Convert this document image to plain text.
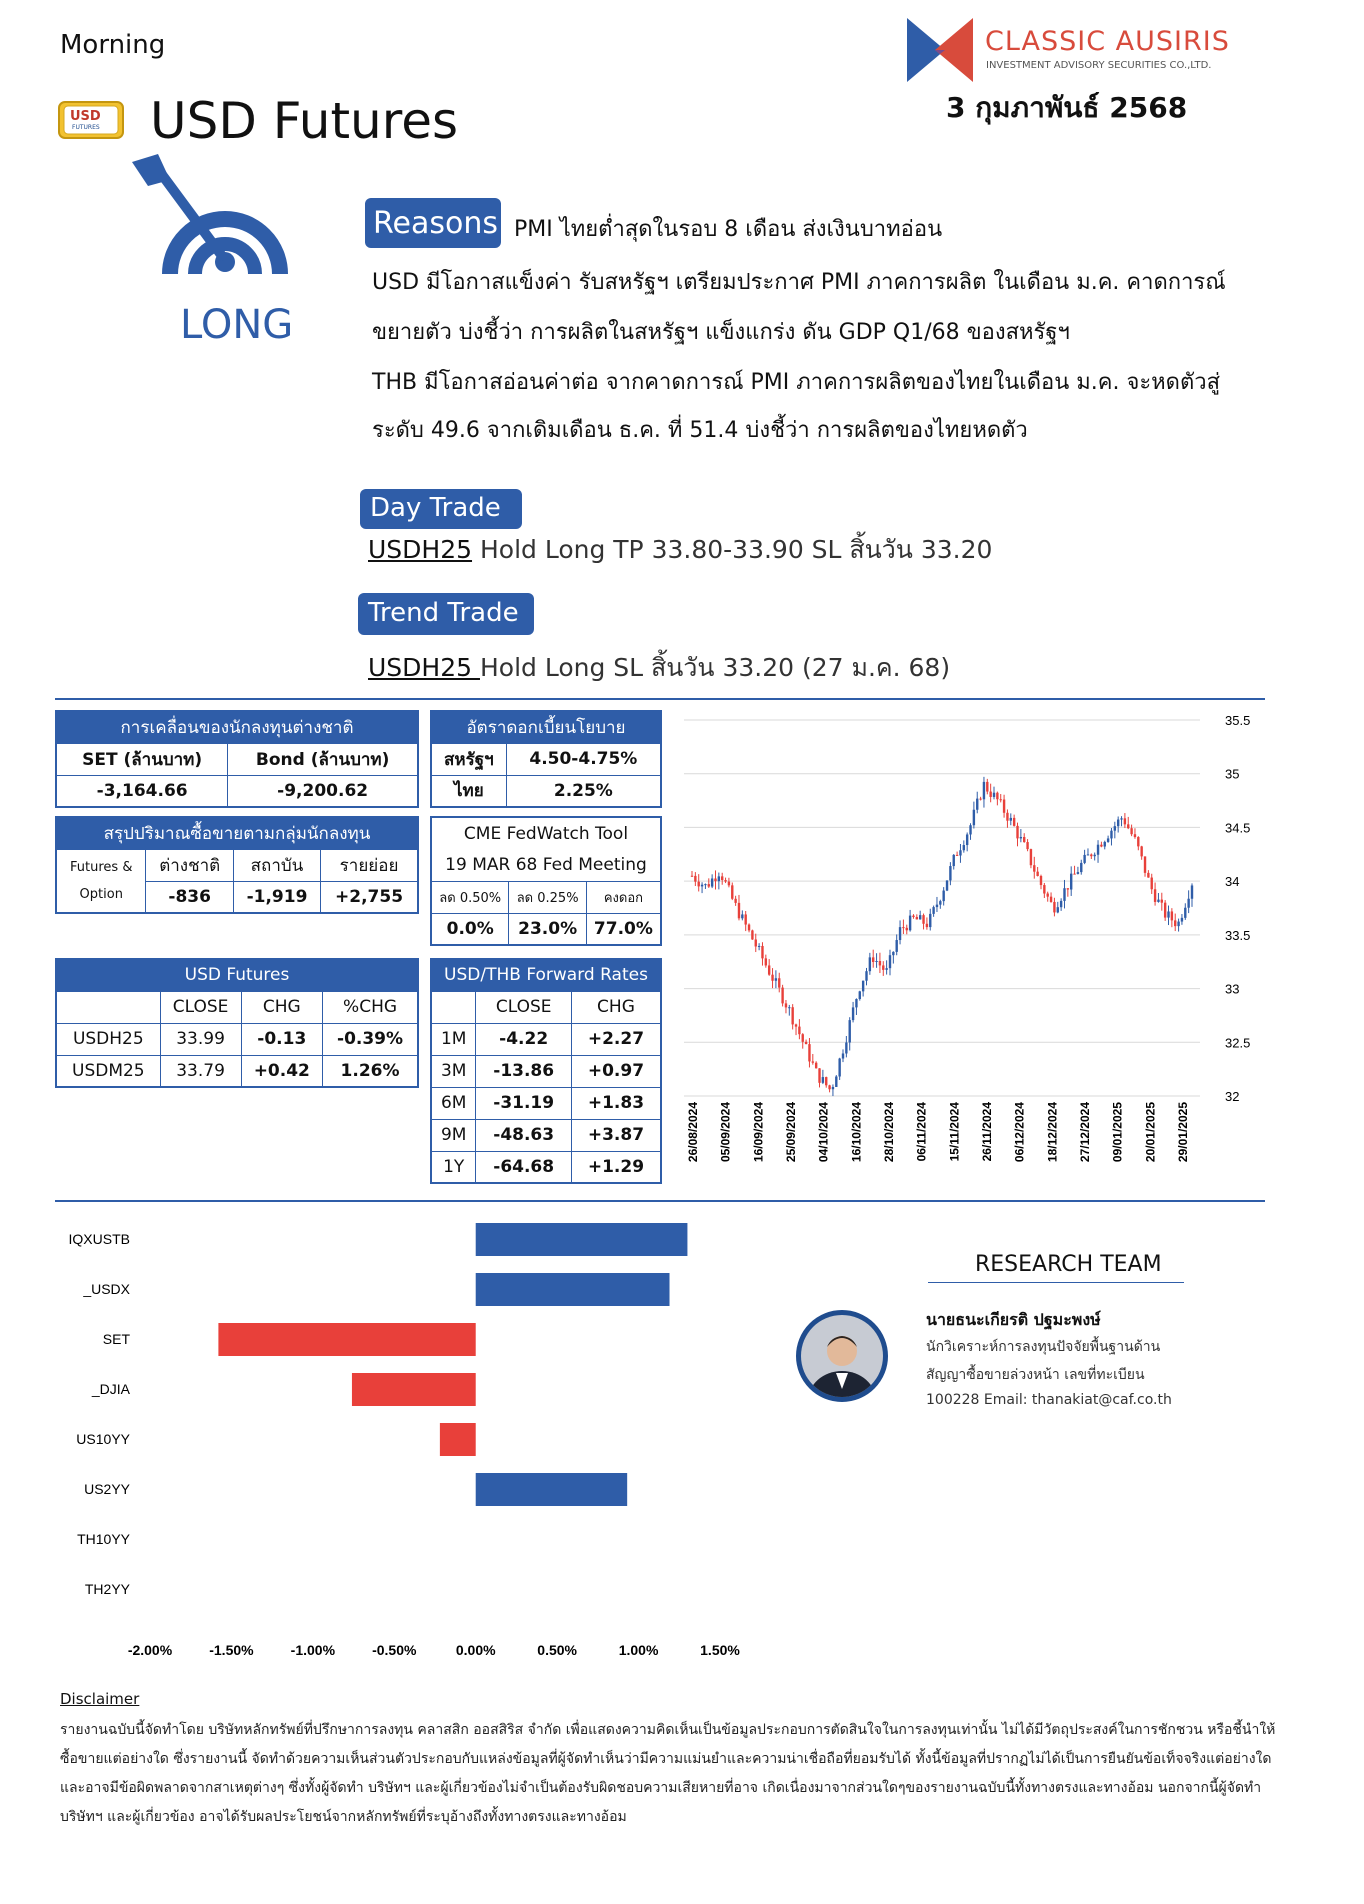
Morning
USD
FUTURES USD Futures
CLASSIC AUSIRIS
INVESTMENT ADVISORY SECURITIES CO.,LTD.
3 กุมภาพันธ์ 2568
LONG
Reasons PMI ไทยต่ำสุดในรอบ 8 เดือน ส่งเงินบาทอ่อน
USD มีโอกาสแข็งค่า รับสหรัฐฯ เตรียมประกาศ PMI ภาคการผลิต ในเดือน ม.ค. คาดการณ์
ขยายตัว บ่งชี้ว่า การผลิตในสหรัฐฯ แข็งแกร่ง ดัน GDP Q1/68 ของสหรัฐฯ
THB มีโอกาสอ่อนค่าต่อ จากคาดการณ์ PMI ภาคการผลิตของไทยในเดือน ม.ค. จะหดตัวสู่
ระดับ 49.6 จากเดิมเดือน ธ.ค. ที่ 51.4 บ่งชี้ว่า การผลิตของไทยหดตัว
Day Trade
USDH25 Hold Long TP 33.80-33.90 SL สิ้นวัน 33.20
Trend Trade
USDH25 Hold Long SL สิ้นวัน 33.20 (27 ม.ค. 68)
การเคลื่อนของนักลงทุนต่างชาติ	
SET (ล้านบาท)	Bond (ล้านบาท)
-3,164.66	-9,200.62
อัตราดอกเบี้ยนโยบาย	
สหรัฐฯ	4.50-4.75%
ไทย	2.25%
สรุปปริมาณซื้อขายตามกลุ่มนักลงทุน			

Futures &
Option	ต่างชาติ	สถาบัน	รายย่อย
	-836	-1,919	+2,755
CME FedWatch Tool		
19 MAR 68 Fed Meeting		
ลด 0.50%	ลด 0.25%	คงดอก
0.0%	23.0%	77.0%
USD Futures			
	CLOSE	CHG	%CHG
USDH25	33.99	-0.13	-0.39%
USDM25	33.79	+0.42	1.26%
USD/THB Forward Rates		
	CLOSE	CHG
1M	-4.22	+2.27
3M	-13.86	+0.97
6M	-31.19	+1.83
9M	-48.63	+3.87
1Y	-64.68	+1.29
35.5
35
34.5
34
33.5
33
32.5
32
26/08/2024 05/09/2024 16/09/2024 25/09/2024 04/10/2024 16/10/2024 28/10/2024 06/11/2024 15/11/2024 26/11/2024 06/12/2024 18/12/2024 27/12/2024 09/01/2025 20/01/2025 29/01/2025
IQXUSTB
_USDX
SET
_DJIA
US10YY
US2YY
TH10YY
TH2YY
-2.00%	-1.50%	-1.00%	-0.50%	0.00%	0.50%	1.00%	1.50%
RESEARCH TEAM
นายธนะเกียรติ ปฐมะพงษ์
นักวิเคราะห์การลงทุนปัจจัยพื้นฐานด้าน
สัญญาซื้อขายล่วงหน้า เลขที่ทะเบียน
100228 Email: thanakiat@caf.co.th
Disclaimer
รายงานฉบับนี้จัดทำโดย บริษัทหลักทรัพย์ที่ปรึกษาการลงทุน คลาสสิก ออสสิริส จำกัด เพื่อแสดงความคิดเห็นเป็นข้อมูลประกอบการตัดสินใจในการลงทุนเท่านั้น ไม่ได้มีวัตถุประสงค์ในการชักชวน หรือชี้นำให้ซื้อขายแต่อย่างใด ซึ่งรายงานนี้ จัดทำด้วยความเห็นส่วนตัวประกอบกับแหล่งข้อมูลที่ผู้จัดทำเห็นว่ามีความแม่นยำและความน่าเชื่อถือที่ยอมรับได้ ทั้งนี้ข้อมูลที่ปรากฏไม่ได้เป็นการยืนยันข้อเท็จจริงแต่อย่างใดและอาจมีข้อผิดพลาดจากสาเหตุต่างๆ ซึ่งทั้งผู้จัดทำ บริษัทฯ และผู้เกี่ยวข้องไม่จำเป็นต้องรับผิดชอบความเสียหายที่อาจ เกิดเนื่องมาจากส่วนใดๆของรายงานฉบับนี้ทั้งทางตรงและทางอ้อม นอกจากนี้ผู้จัดทำ บริษัทฯ และผู้เกี่ยวข้อง อาจได้รับผลประโยชน์จากหลักทรัพย์ที่ระบุอ้างถึงทั้งทางตรงและทางอ้อม
